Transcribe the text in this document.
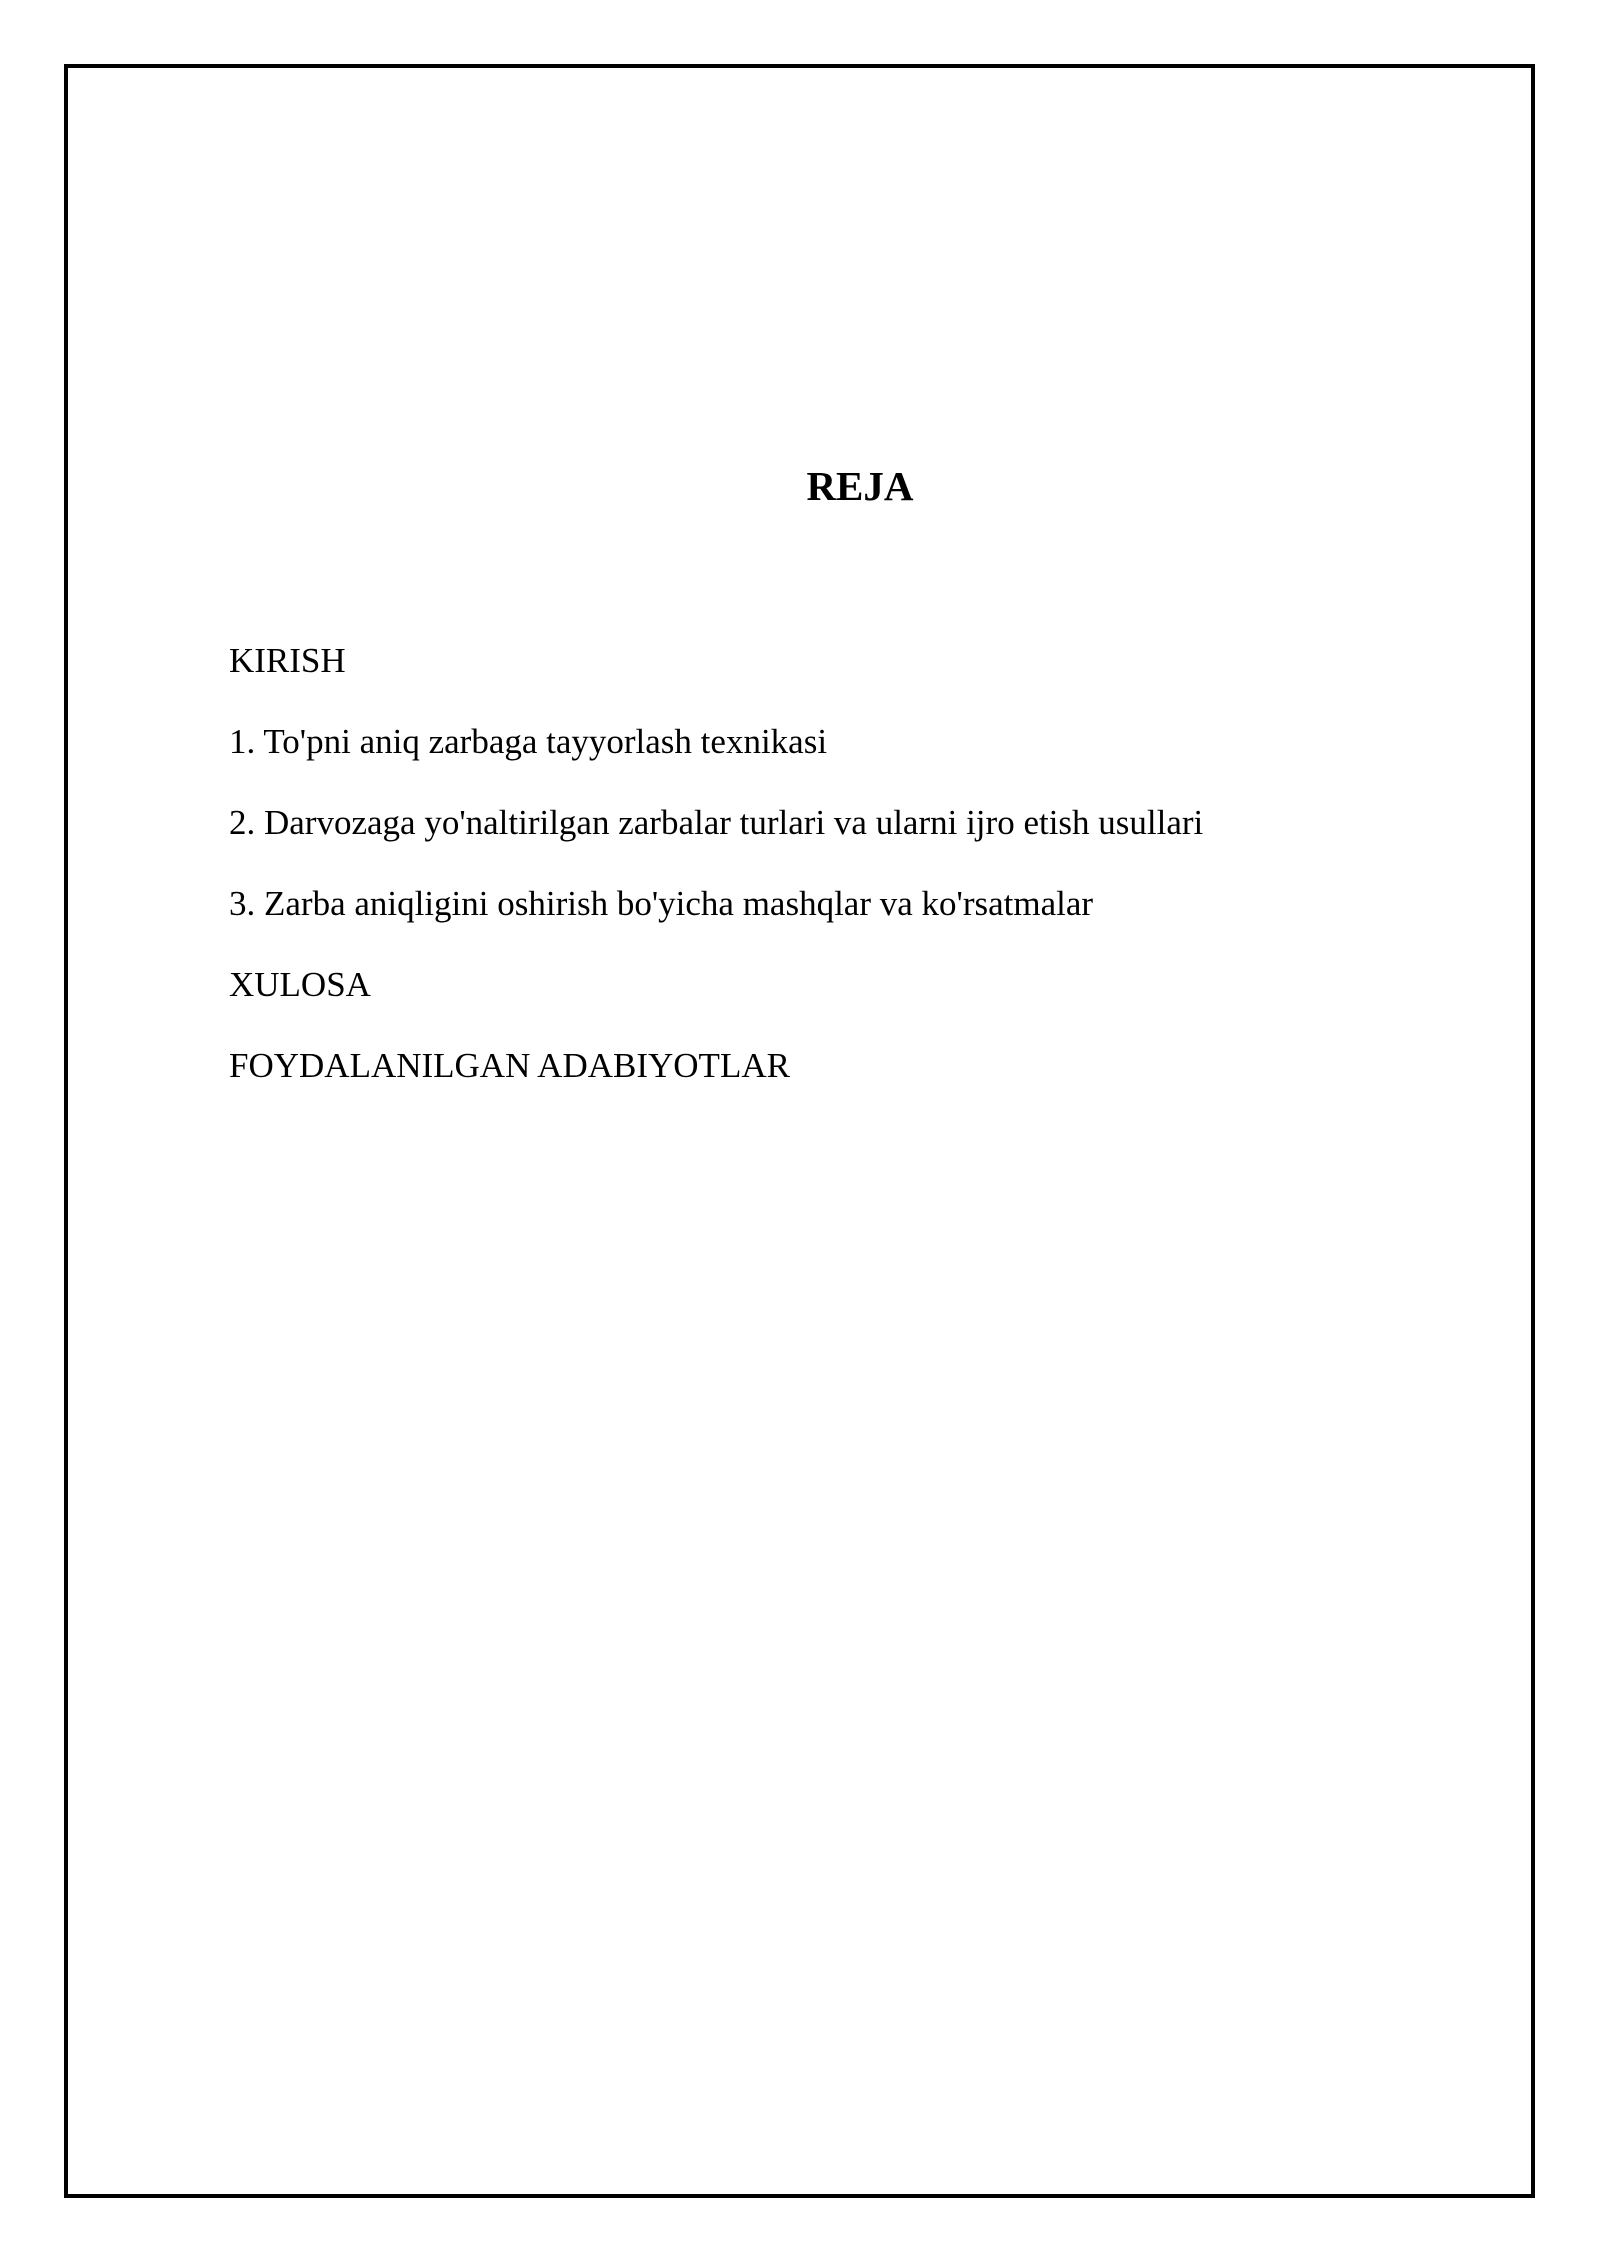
REJA
KIRISH
1. To'pni aniq zarbaga tayyorlash texnikasi
2. Darvozaga yo'naltirilgan zarbalar turlari va ularni ijro etish usullari
3. Zarba aniqligini oshirish bo'yicha mashqlar va ko'rsatmalar
XULOSA
FOYDALANILGAN ADABIYOTLAR
